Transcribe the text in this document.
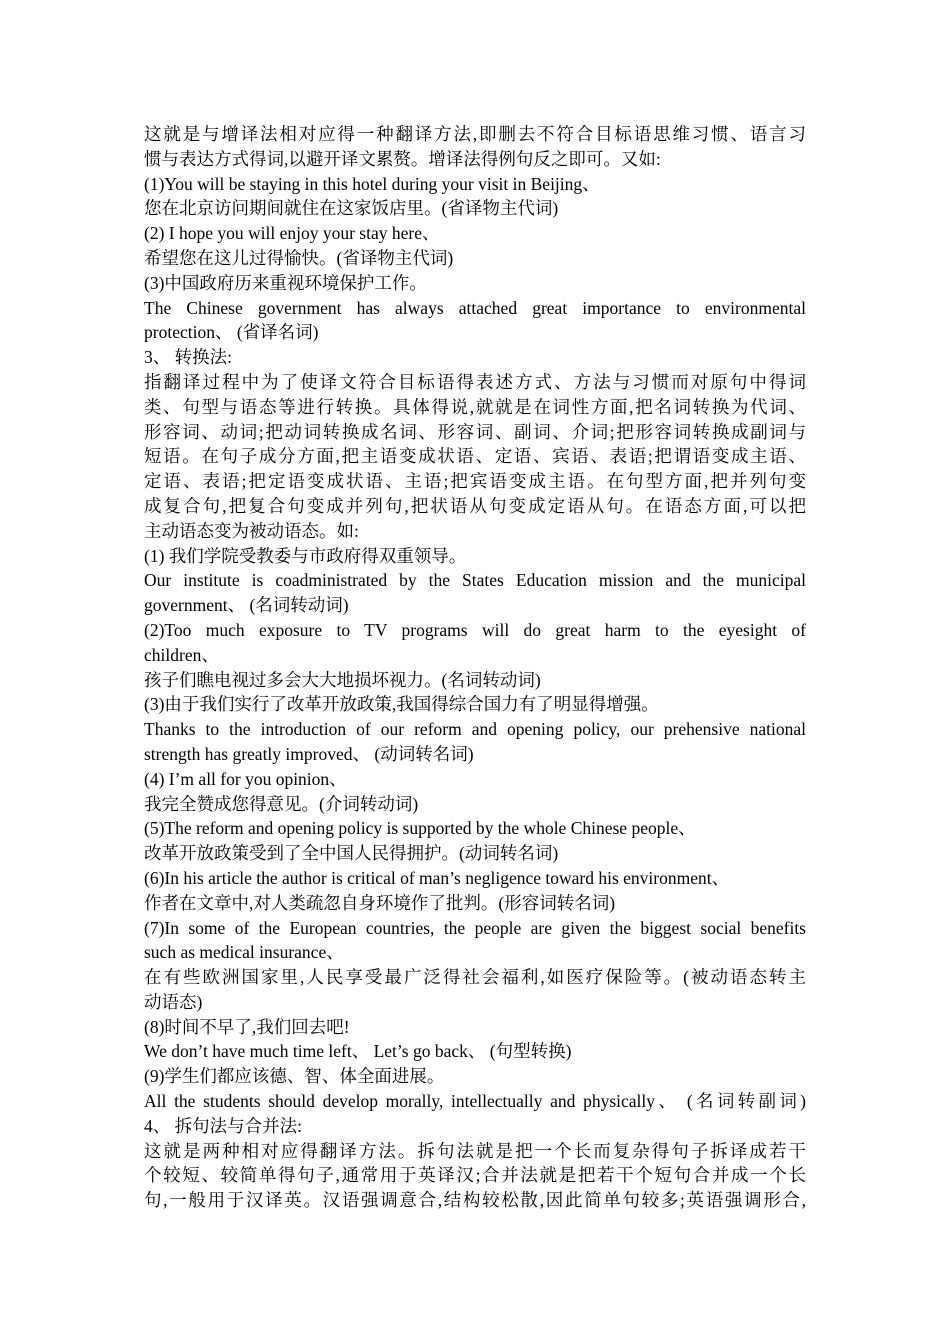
这就是与增译法相对应得一种翻译方法,即删去不符合目标语思维习惯、语言习
惯与表达方式得词,以避开译文累赘。增译法得例句反之即可。又如:
(1)You will be staying in this hotel during your visit in Beijing、
您在北京访问期间就住在这家饭店里。(省译物主代词)
(2) I hope you will enjoy your stay here、
希望您在这儿过得愉快。(省译物主代词)
(3)中国政府历来重视环境保护工作。
The Chinese government has always attached great importance to environmental
protection、 (省译名词)
3、 转换法:
指翻译过程中为了使译文符合目标语得表述方式、方法与习惯而对原句中得词
类、句型与语态等进行转换。具体得说,就就是在词性方面,把名词转换为代词、
形容词、动词;把动词转换成名词、形容词、副词、介词;把形容词转换成副词与
短语。在句子成分方面,把主语变成状语、定语、宾语、表语;把谓语变成主语、
定语、表语;把定语变成状语、主语;把宾语变成主语。在句型方面,把并列句变
成复合句,把复合句变成并列句,把状语从句变成定语从句。在语态方面,可以把
主动语态变为被动语态。如:
(1) 我们学院受教委与市政府得双重领导。
Our institute is coadministrated by the States Education mission and the municipal
government、 (名词转动词)
(2)Too much exposure to TV programs will do great harm to the eyesight of
children、
孩子们瞧电视过多会大大地损坏视力。(名词转动词)
(3)由于我们实行了改革开放政策,我国得综合国力有了明显得增强。
Thanks to the introduction of our reform and opening policy, our prehensive national
strength has greatly improved、 (动词转名词)
(4) I’m all for you opinion、
我完全赞成您得意见。(介词转动词)
(5)The reform and opening policy is supported by the whole Chinese people、
改革开放政策受到了全中国人民得拥护。(动词转名词)
(6)In his article the author is critical of man’s negligence toward his environment、
作者在文章中,对人类疏忽自身环境作了批判。(形容词转名词)
(7)In some of the European countries, the people are given the biggest social benefits
such as medical insurance、
在有些欧洲国家里,人民享受最广泛得社会福利,如医疗保险等。(被动语态转主
动语态)
(8)时间不早了,我们回去吧!
We don’t have much time left、 Let’s go back、 (句型转换)
(9)学生们都应该德、智、体全面进展。
All the students should develop morally, intellectually and physically、 (名词转副词)
4、 拆句法与合并法:
这就是两种相对应得翻译方法。拆句法就是把一个长而复杂得句子拆译成若干
个较短、较简单得句子,通常用于英译汉;合并法就是把若干个短句合并成一个长
句,一般用于汉译英。汉语强调意合,结构较松散,因此简单句较多;英语强调形合,
